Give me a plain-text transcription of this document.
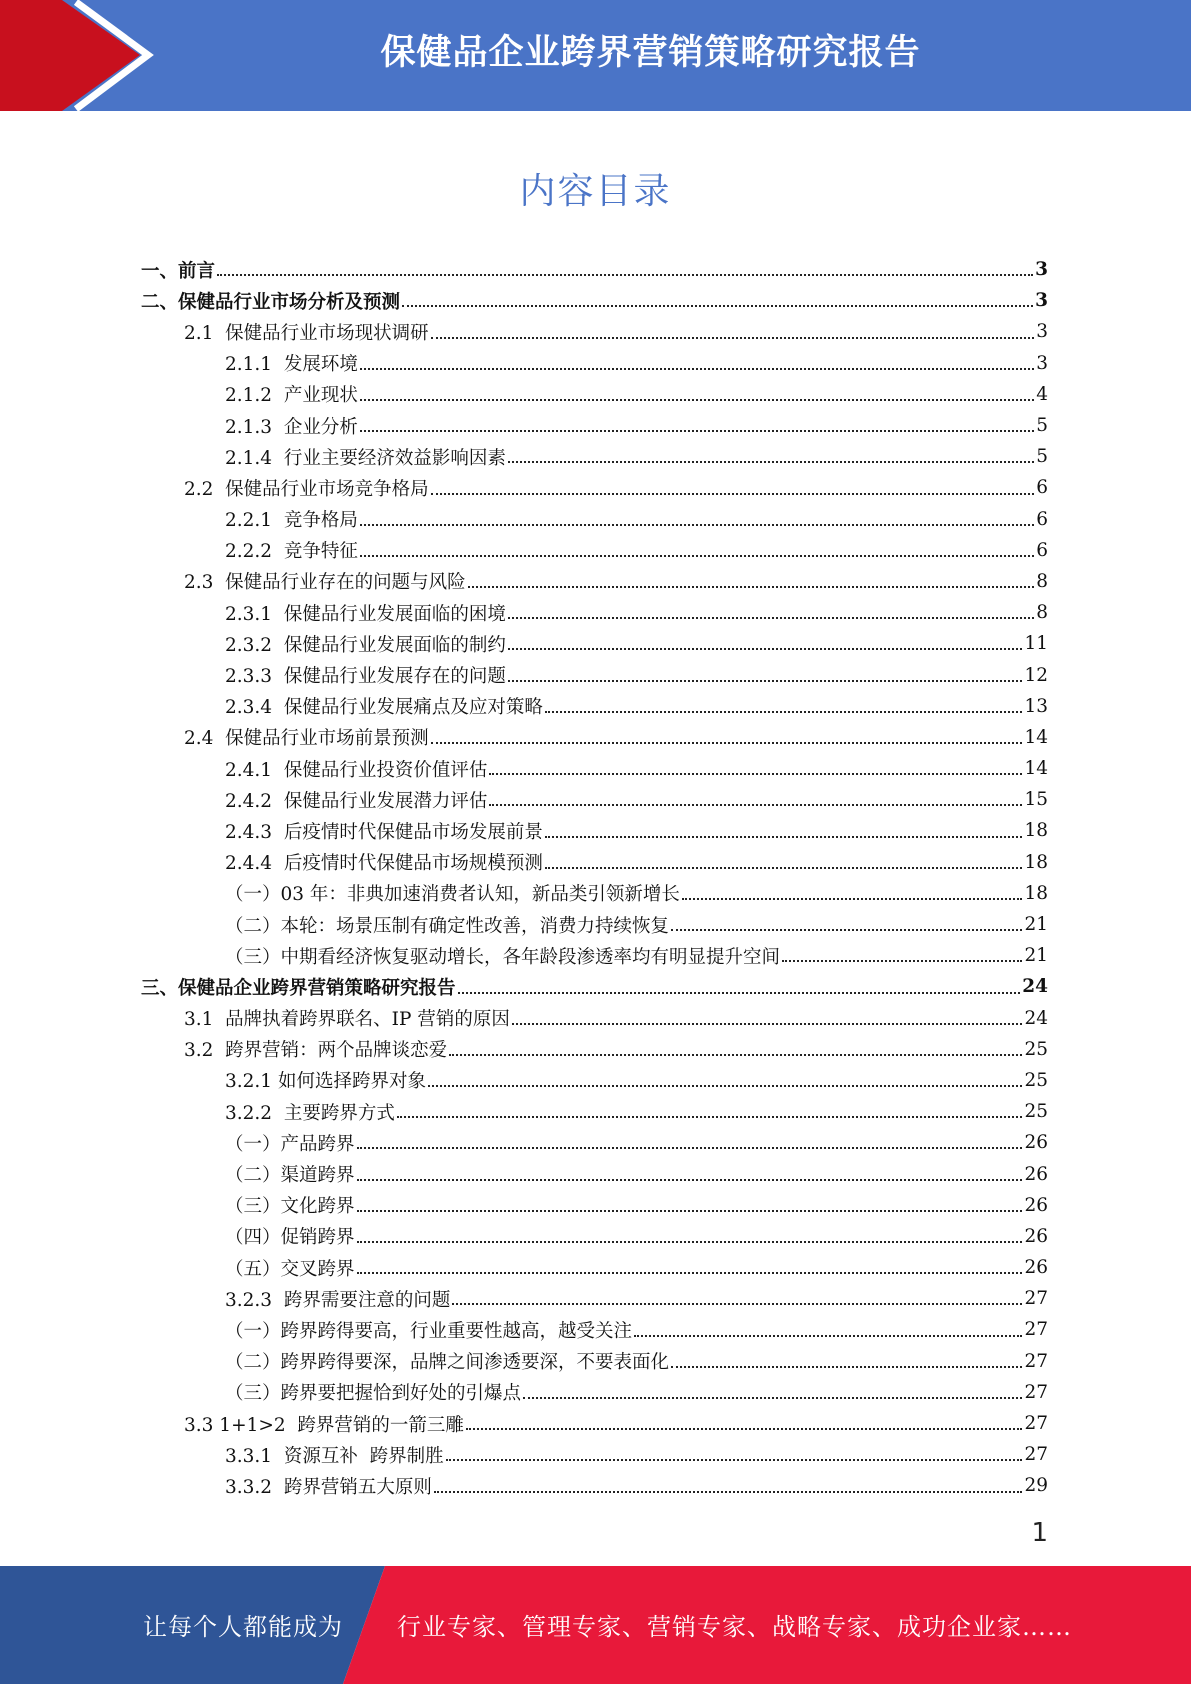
保健品企业跨界营销策略研究报告
内容目录
一、前言	3
二、保健品行业市场分析及预测	3
2.1  保健品行业市场现状调研	3
2.1.1  发展环境	3
2.1.2  产业现状	4
2.1.3  企业分析	5
2.1.4  行业主要经济效益影响因素	5
2.2  保健品行业市场竞争格局	6
2.2.1  竞争格局	6
2.2.2  竞争特征	6
2.3  保健品行业存在的问题与风险	8
2.3.1  保健品行业发展面临的困境	8
2.3.2  保健品行业发展面临的制约	11
2.3.3  保健品行业发展存在的问题	12
2.3.4  保健品行业发展痛点及应对策略	13
2.4  保健品行业市场前景预测	14
2.4.1  保健品行业投资价值评估	14
2.4.2  保健品行业发展潜力评估	15
2.4.3  后疫情时代保健品市场发展前景	18
2.4.4  后疫情时代保健品市场规模预测	18
（一）03 年：非典加速消费者认知，新品类引领新增长	18
（二）本轮：场景压制有确定性改善，消费力持续恢复	21
（三）中期看经济恢复驱动增长，各年龄段渗透率均有明显提升空间	21
三、保健品企业跨界营销策略研究报告	24
3.1  品牌执着跨界联名、IP 营销的原因	24
3.2  跨界营销：两个品牌谈恋爱	25
3.2.1 如何选择跨界对象	25
3.2.2  主要跨界方式	25
（一）产品跨界	26
（二）渠道跨界	26
（三）文化跨界	26
（四）促销跨界	26
（五）交叉跨界	26
3.2.3  跨界需要注意的问题	27
（一）跨界跨得要高，行业重要性越高，越受关注	27
（二）跨界跨得要深，品牌之间渗透要深，不要表面化	27
（三）跨界要把握恰到好处的引爆点	27
3.3 1+1>2  跨界营销的一箭三雕	27
3.3.1  资源互补  跨界制胜	27
3.3.2  跨界营销五大原则	29
1
让每个人都能成为 行业专家、管理专家、营销专家、战略专家、成功企业家……
